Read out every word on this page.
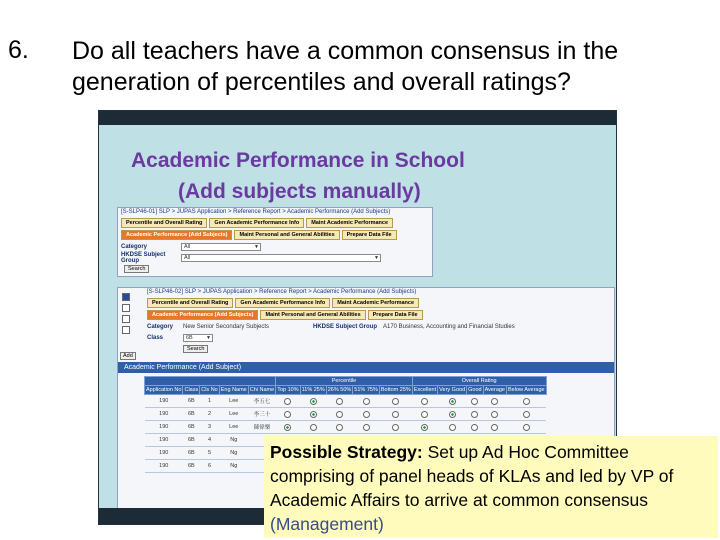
6. Do all teachers have a common consensus in the generation of percentiles and overall ratings?
Academic Performance in School
(Add subjects manually)
[S-SLP46-01] SLP > JUPAS Application > Reference Report > Academic Performance (Add Subjects)
Percentile and Overall Rating	Gen Academic Performance Info	Maint Academic Performance
Academic Performance (Add Subjects)	Maint Personal and General Abilities	Prepare Data File
Category	All	▼
HKDSE Subject Group	All	▼
Search
[S-SLP46-02] SLP > JUPAS Application > Reference Report > Academic Performance (Add Subjects)
Percentile and Overall Rating	Gen Academic Performance Info	Maint Academic Performance
Academic Performance (Add Subjects)	Maint Personal and General Abilities	Prepare Data File
Category	New Senior Secondary Subjects	HKDSE Subject Group A170 Business, Accounting and Financial Studies
Class	6B	▼
Search
Add
Academic Performance (Add Subject)
					Percentile					Overall Rating				
Application No	Class	Cls No	Eng Name	Chi Name	Top 10%	11% 25%	26% 50%	51% 75%	Bottom 25%	Excellent	Very Good	Good	Average	Below Average
190	6B	1	Lee	李五七										
190	6B	2	Lee	李三十										
190	6B	3	Lee	陳偉樂										
190	6B	4	Ng											
190	6B	5	Ng											
190	6B	6	Ng											
Possible Strategy: Set up Ad Hoc Committee comprising of panel heads of KLAs and led by VP of Academic Affairs to arrive at common consensus (Management)
